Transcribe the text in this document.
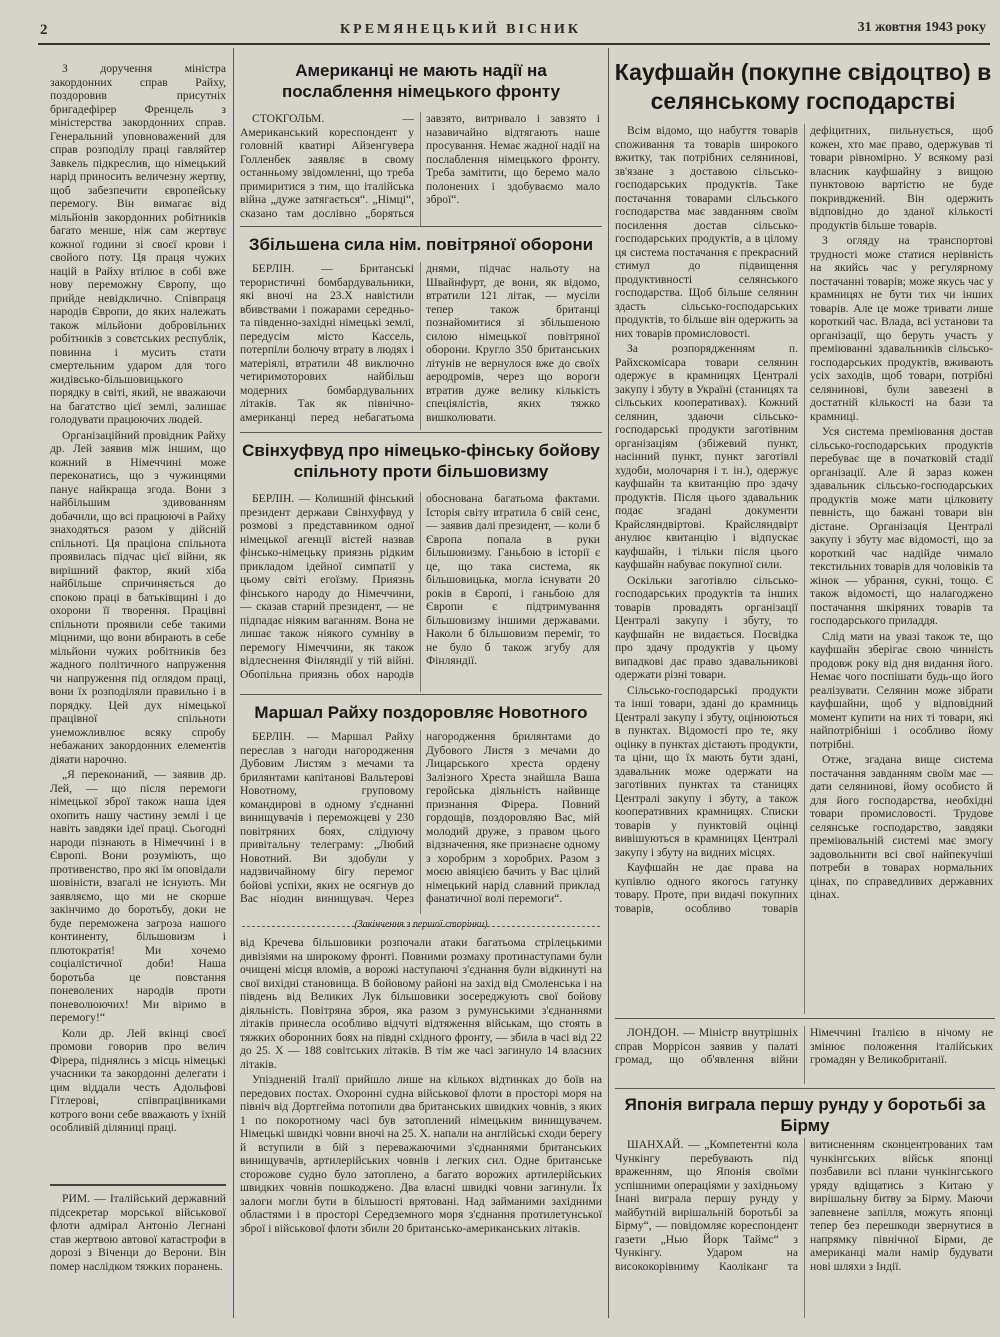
2	КРЕМЯНЕЦЬКИЙ ВІСНИК	31 жовтня 1943 року

З доручення міністра закордонних справ Райху, поздоровив присутніх бригадефірер Френцель з міністерства закордонних справ. Генеральний уповноважений для справ розподілу праці гавляйтер Завкель підкреслив, що німецький нарід приносить величезну жертву, щоб забезпечити європейську перемогу. Він вимагає від мільйонів закордонних робітників багато менше, ніж сам жертвує кожної години зі своєї крови і свойого поту. Ця праця чужих націй в Райху втілює в собі вже нову переможну Європу, що прийде невідклично. Співпраця народів Європи, до яких належать також мільйони добровільних робітників з совєтських республік, повинна і мусить стати смертельним ударом для того жидівсько-більшовицького порядку в світі, який, не вважаючи на багатство цієї землі, залишає голодувати працюючих людей.

Організаційний провідник Райху др. Лей заявив між іншим, що кожний в Німеччині може переконатись, що з чужинцями панує найкраща згода. Вони з найбільшим здивованням добачили, що всі працюючі в Райху знаходяться разом у дійсній спільноті. Ця праціона спільнота проявилась підчас цієї війни, як вирішний фактор, який хіба найбільше спричиняється до спокою праці в батьківщині і до охорони її творення. Працівні спільноти проявили себе такими міцними, що вони вбирають в себе мільйони чужих робітників без жадного політичного напруження чи напруження під оглядом праці, вони їх розподіляли правильно і в порядку. Цей дух німецької працівної спільноти унеможливлює всяку спробу небажаних закордонних елементів діяати нарочно.

„Я переконаний, — заявив др. Лей, — що після перемоги німецької зброї також наша ідея охопить нашу частину землі і це навіть завдяки ідеї праці. Сьогодні народи пізнають в Німеччині і в Європі. Вони розуміють, що противенство, про які їм оповідали шовіністи, взагалі не існують. Ми заявляємо, що ми не скорше закінчимо до боротьбу, доки не буде переможена загроза нашого континенту, більшовизм і плютократія! Ми хочемо соціалістичної доби! Наша боротьба це повстання поневолених народів проти поневолюючих! Ми віримо в перемогу!“

Коли др. Лей вкінці своєї промови говорив про велич Фірера, піднялись з місць німецькі учасники та закордонні делегати і цим віддали честь Адольфові Гітлерові, співпрацівниками котрого вони себе вважають у їхній особливій діляниці праці.

РИМ. — Італійський державний підсекретар морської військової флоти адмірал Антоніо Легнані став жертвою автової катастрофи в дорозі з Віченци до Верони. Він помер наслідком тяжких поранень.

Американці не мають надії на послаблення німецького фронту

СТОКГОЛЬМ. — Американський кореспондент у головній кватирі Айзенгувера Голленбек заявляє в свому останньому звідомленні, що треба примиритися з тим, що італійська війна „дуже затягається“. „Німці“, сказано там дослівно „боряться завзято, витривало і завзято і назавичайно відтягають наше просування. Немає жадної надії на послаблення німецького фронту. Треба замітити, що беремо мало полонених і здобуваємо мало зброї“.

Збільшена сила нім. повітряної оборони

БЕРЛІН. — Британські терористичні бомбардувальники, які вночі на 23.Х навістили вбивствами і пожарами середньо-та південно-західні німецькі землі, передусім місто Кассель, потерпіли болючу втрату в людях і матеріялі, втратили 48 виключно четиримоторових найбільш модерних бомбардувальних літаків. Так як північно-американці перед небагатьома днями, підчас нальоту на Швайнфурт, де вони, як відомо, втратили 121 літак, — мусіли тепер також британці познайомитися зі збільшеною силою німецької повітряної оборони. Кругло 350 британських літунів не вернулося вже до своїх аеродромів, через що вороги втратив дуже велику кількість спеціялістів, яких тяжко вишколювати.

Свінхуфвуд про німецько-фінську бойову спільноту проти більшовизму

БЕРЛІН. — Колишній фінський президент держави Свінхуфвуд у розмові з представником одної німецької агенції вістей назвав фінсько-німецьку приязнь рідким прикладом ідейної симпатії у цьому світі егоїзму. Приязнь фінського народу до Німеччини, — сказав старий президент, — не підпадає ніяким ваганням. Вона не лишає також ніякого сумніву в перемогу Німеччини, як також відлеснення Фінляндії у тій війні. Обопільна приязнь обох народів обоснована багатьома фактами. Історія світу втратила б свій сенс, — заявив далі президент, — коли б Європа попала в руки більшовизму. Ганьбою в історії є це, що така система, як більшовицька, могла існувати 20 років в Європі, і ганьбою для Європи є підтримування більшовизму іншими державами. Наколи б більшовизм переміг, то не було б також згубу для Фінляндії.

Маршал Райху поздоровляє Новотного

БЕРЛІН. — Маршал Райху переслав з нагоди нагородження Дубовим Листям з мечами та брилянтами капітанові Вальтерові Новотному, груповому командирові в одному з'єднанні винищувачів і переможцеві у 230 повітряних боях, слідуючу привітальну телеграму: „Любий Новотний. Ви здобули у надзвичайному бігу перемог бойові успіхи, яких не осягнув до Вас ніодин винищувач. Через нагородження брилянтами до Дубового Листя з мечами до Лицарського хреста ордену Залізного Хреста знайшла Ваша геройська діяльність найвище признання Фірера. Повний гордощів, поздоровляю Вас, мій молодий друже, з правом цього відзначення, яке признаєне одному з хоробрим з хоробрих. Разом з моєю авіяцією бачить у Вас цілий німецький нарід славний приклад фанатичної волі перемоги“.

(Закінчення з першої сторінки)

від Кречева більшовики розпочали атаки багатьома стрілецькими дивізіями на широкому фронті. Повними розмаху протинаступами були очищені місця вломів, а ворожі наступаючі з'єднання були відкинуті на свої вихідні становища. В бойовому районі на захід від Смоленська і на південь від Великих Лук більшовики зосереджують свої бойову діяльність. Повітряна зброя, яка разом з румунськими з'єднаннями літаків принесла особливо відчуті відтяження військам, що стоять в тяжких оборонних боях на півдні східного фронту, — збила в часі від 22 до 25. Х — 188 совітських літаків. В тім же часі загинуло 14 власних літаків.

Упіздненій Італії прийшло лише на кількох відтинках до боїв на передових постах. Охоронні судна військової флоти в просторі моря на північ від Дортгейма потопили два британських швидких човнів, з яких 1 по покоротному часі був затоплений німецьким винищувачем. Німецькі швидкі човни вночі на 25. Х. напали на англійські сходи берегу й вступили в бій з переважаючими з'єднаннями британських винищувачів, артилерійських човнів і легких сил. Одне британське сторожове судно було затоплено, а багато ворожих артилерійських швидких човнів пошкоджено. Два власні швидкі човни загинули. Їх залоги могли бути в більшості врятовані. Над займаними західними областями і в просторі Середземного моря з'єднання протилетунської зброї і військової флоти збили 20 британсько-американських літаків.

Кауфшайн (покупне свідоцтво) в селянському господарстві

Всім відомо, що набуття товарів споживання та товарів широкого вжитку, так потрібних селянинові, зв'язане з доставою сільсько-господарських продуктів. Таке постачання товарами сільського господарства має завданням своїм посилення достав сільсько-господарських продуктів, а в цілому ця система постачання є прекрасний стимул до підвищення продуктивності селянського господарства. Щоб більше селянин здасть сільсько-господарських продуктів, то більше він одержить за них товарів промисловості.

За розпорядженням п. Райхскомісара товари селянин одержує в крамницях Централі закупу і збуту в Україні (станицях та сільських кооперативах). Кожний селянин, здаючи сільсько-господарські продукти заготівним організаціям (збіжевий пункт, насінний пункт, пункт заготівлі худоби, молочарня і т. ін.), одержує кауфшайн та квитанцію про здачу продуктів. Після цього здавальник подає згадані документи Крайсляндвіртові. Крайсляндвірт анулює квитанцію і відпускає кауфшайн, і тільки після цього кауфшайн набуває покупної сили.

Оскільки заготівлю сільсько-господарських продуктів та інших товарів провадять організації Централі закупу і збуту, то кауфшайн не видається. Посвідка про здачу продуктів у цьому випадкові дає право здавальникові одержати різні товари.

Сільсько-господарські продукти та інші товари, здані до крамниць Централі закупу і збуту, оцінюються в пунктах. Відомості про те, яку оцінку в пунктах дістають продукти, та ціни, що їх мають бути здані, здавальник може одержати на заготівних пунктах та станицях Централі закупу і збуту, а також кооперативних крамницях. Списки товарів у пунктовій оцінці вивішуються в крамницях Централі закупу і збуту на видних місцях.

Кауфшайн не дає права на купівлю одного якогось гатунку товару. Проте, при видачі покупних товарів, особливо товарів дефіцитних, пильнується, щоб кожен, хто має право, одержував ті товари рівномірно. У всякому разі власник кауфшайну з вищою пунктовою вартістю не буде покривджений. Він одержить відповідно до зданої кількості продуктів більше товарів.

З огляду на транспортові трудності може статися нерівність на якийсь час у регулярному постачанні товарів; може якусь час у крамницях не бути тих чи інших товарів. Але це може тривати лише короткий час. Влада, всі установи та організації, що беруть участь у преміюванні здавальників сільсько-господарських продуктів, вживають усіх заходів, щоб товари, потрібні селянинові, були завезені в достатній кількості на бази та крамниці.

Уся система преміювання достав сільсько-господарських продуктів перебуває ще в початковій стадії організації. Але й зараз кожен здавальник сільсько-господарських продуктів може мати цілковиту певність, що бажані товари він дістане. Організація Централі закупу і збуту має відомості, що за короткий час надійде чимало текстильних товарів для чоловіків та жінок — убрання, сукні, тощо. Є також відомості, що налагоджено постачання шкіряних товарів та господарського приладдя.

Слід мати на увазі також те, що кауфшайн зберігає свою чинність продовж року від дня видання його. Немає чого поспішати будь-що його реалізувати. Селянин може зібрати кауфшайни, щоб у відповідний момент купити на них ті товари, які найпотрібніші і особливо йому потрібні.

Отже, згадана вище система постачання завданням своїм має — дати селянинові, йому особисто й для його господарства, необхідні товари промисловості. Трудове селянське господарство, завдяки преміювальній системі має змогу задовольнити всі свої найпекучіші потреби в товарах нормальних цінах, по справедливих державних цінах.

ЛОНДОН. — Міністр внутрішніх справ Моррісон заявив у палаті громад, що об'явлення війни Німеччині Італією в нічому не змінює положення італійських громадян у Великобританії.

Японія виграла першу рунду у боротьбі за Бірму

ШАНХАЙ. — „Компетентні кола Чункінгу перебувають під враженням, що Японія своїми успішними операціями у західньому Інані виграла першу рунду у майбутній вирішальній боротьбі за Бірму“, — повідомляє кореспондент газети „Нью Йорк Таймс“ з Чункінгу. Ударом на висококорівниму Каоліканг та витисненням сконцентрованих там чункінгських військ японці позбавили всі плани чункінгського уряду вдіщатись з Китаю у вирішальну битву за Бірму. Маючи запевнене запілля, можуть японці тепер без перешкоди звернутися в напрямку північної Бірми, де американці мали намір будувати нові шляхи з Індії.
